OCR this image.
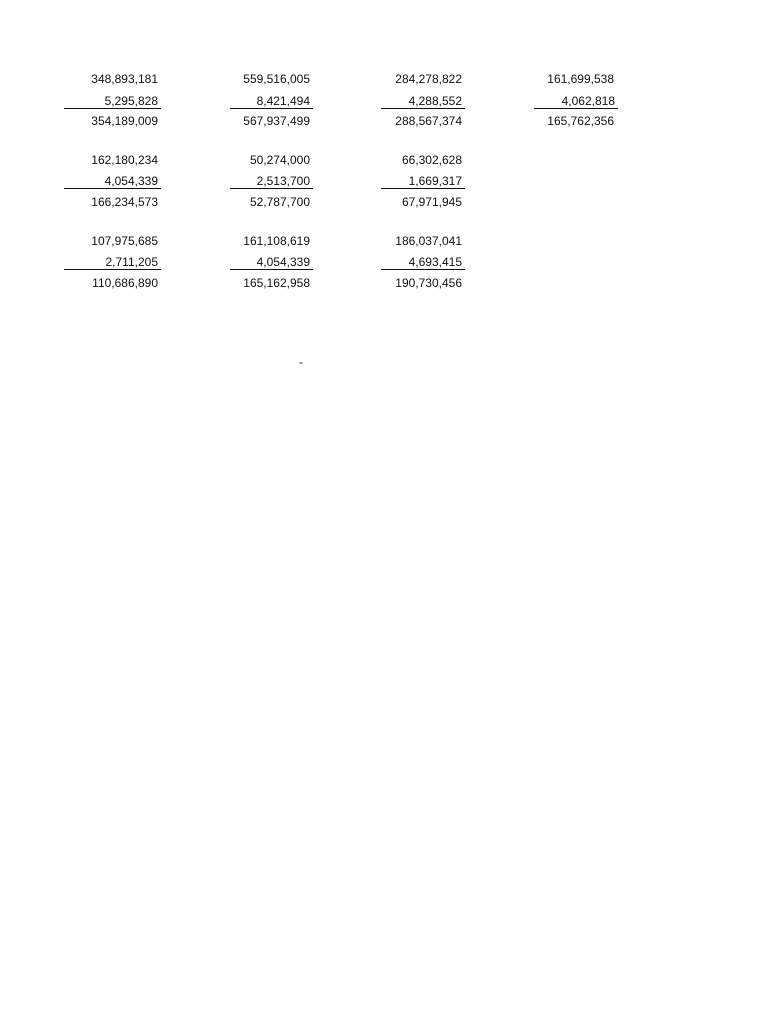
348,893,181
5,295,828
354,189,009
559,516,005
8,421,494
567,937,499
284,278,822
4,288,552
288,567,374
161,699,538
4,062,818
165,762,356
162,180,234
4,054,339
166,234,573
50,274,000
2,513,700
52,787,700
66,302,628
1,669,317
67,971,945
107,975,685
2,711,205
110,686,890
161,108,619
4,054,339
165,162,958
186,037,041
4,693,415
190,730,456
-
